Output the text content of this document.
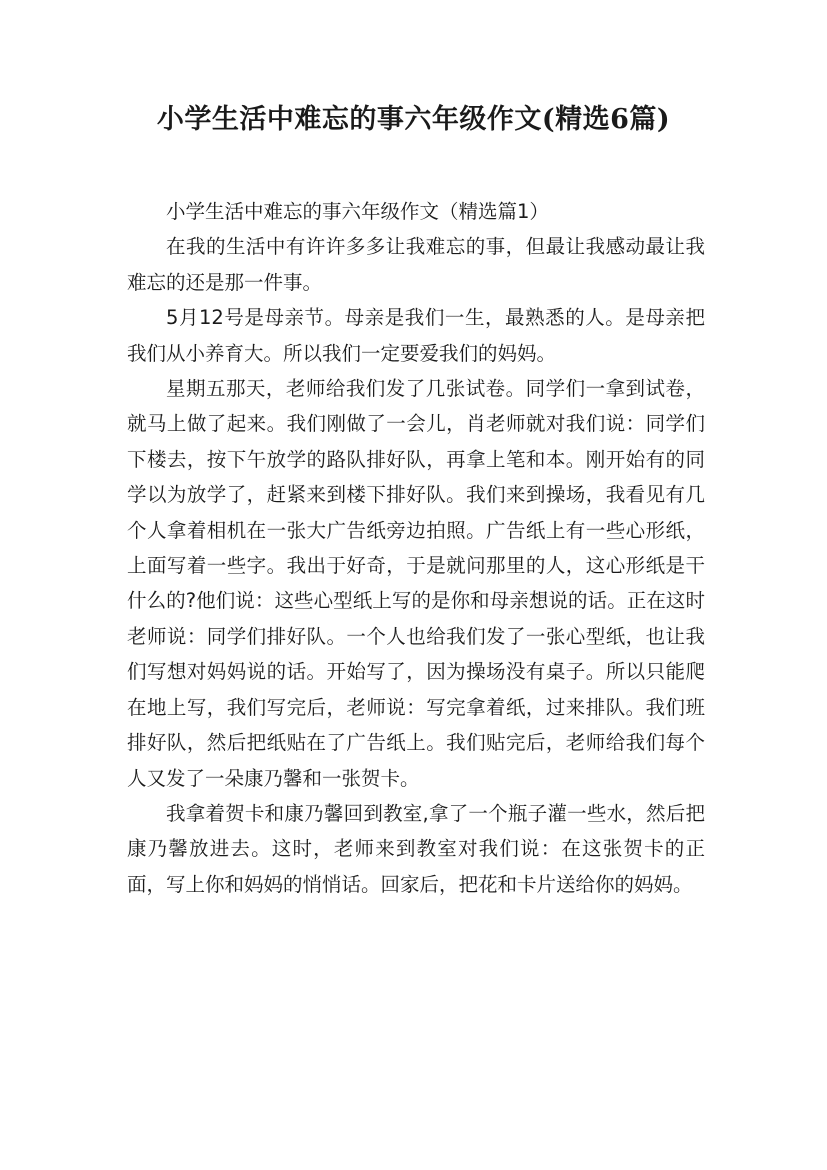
小学生活中难忘的事六年级作文(精选6篇)

小学生活中难忘的事六年级作文（精选篇1）

在我的生活中有许许多多让我难忘的事，但最让我感动最让我难忘的还是那一件事。

5月12号是母亲节。母亲是我们一生，最熟悉的人。是母亲把我们从小养育大。所以我们一定要爱我们的妈妈。

星期五那天，老师给我们发了几张试卷。同学们一拿到试卷，就马上做了起来。我们刚做了一会儿，肖老师就对我们说：同学们下楼去，按下午放学的路队排好队，再拿上笔和本。刚开始有的同学以为放学了，赶紧来到楼下排好队。我们来到操场，我看见有几个人拿着相机在一张大广告纸旁边拍照。广告纸上有一些心形纸，上面写着一些字。我出于好奇，于是就问那里的人，这心形纸是干什么的?他们说：这些心型纸上写的是你和母亲想说的话。正在这时老师说：同学们排好队。一个人也给我们发了一张心型纸，也让我们写想对妈妈说的话。开始写了，因为操场没有桌子。所以只能爬在地上写，我们写完后，老师说：写完拿着纸，过来排队。我们班排好队，然后把纸贴在了广告纸上。我们贴完后，老师给我们每个人又发了一朵康乃馨和一张贺卡。

我拿着贺卡和康乃馨回到教室,拿了一个瓶子灌一些水，然后把康乃馨放进去。这时，老师来到教室对我们说：在这张贺卡的正面，写上你和妈妈的悄悄话。回家后，把花和卡片送给你的妈妈。
